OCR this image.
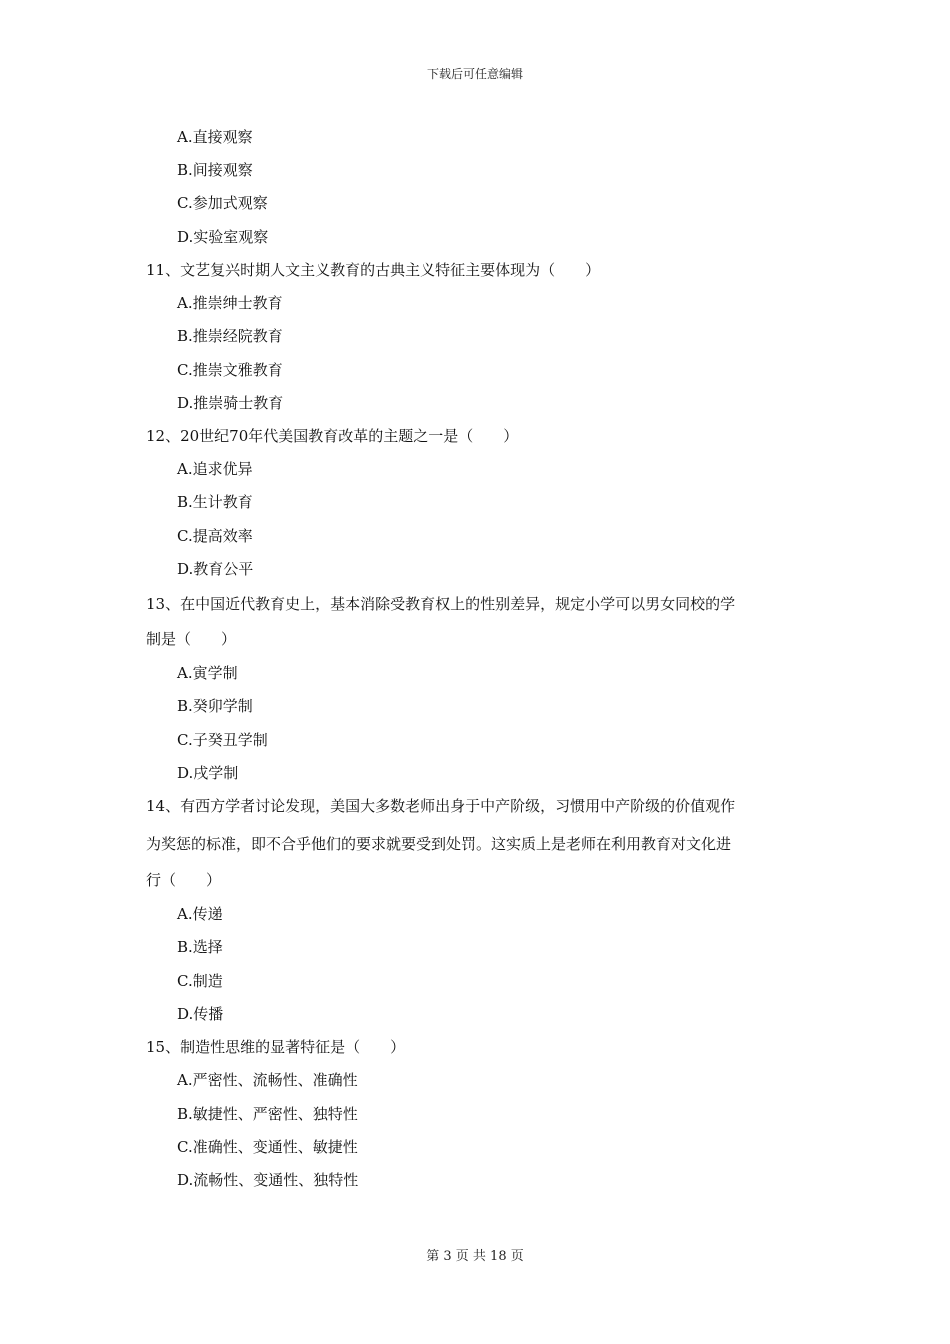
下载后可任意编辑
A.直接观察
B.间接观察
C.参加式观察
D.实验室观察
11、文艺复兴时期人文主义教育的古典主义特征主要体现为（　　）
A.推崇绅士教育
B.推崇经院教育
C.推崇文雅教育
D.推崇骑士教育
12、20世纪70年代美国教育改革的主题之一是（　　）
A.追求优异
B.生计教育
C.提高效率
D.教育公平
13、在中国近代教育史上，基本消除受教育权上的性别差异，规定小学可以男女同校的学
制是（　　）
A.寅学制
B.癸卯学制
C.子癸丑学制
D.戌学制
14、有西方学者讨论发现，美国大多数老师出身于中产阶级，习惯用中产阶级的价值观作
为奖惩的标准，即不合乎他们的要求就要受到处罚。这实质上是老师在利用教育对文化进
行（　　）
A.传递
B.选择
C.制造
D.传播
15、制造性思维的显著特征是（　　）
A.严密性、流畅性、准确性
B.敏捷性、严密性、独特性
C.准确性、变通性、敏捷性
D.流畅性、变通性、独特性
第 3 页 共 18 页
